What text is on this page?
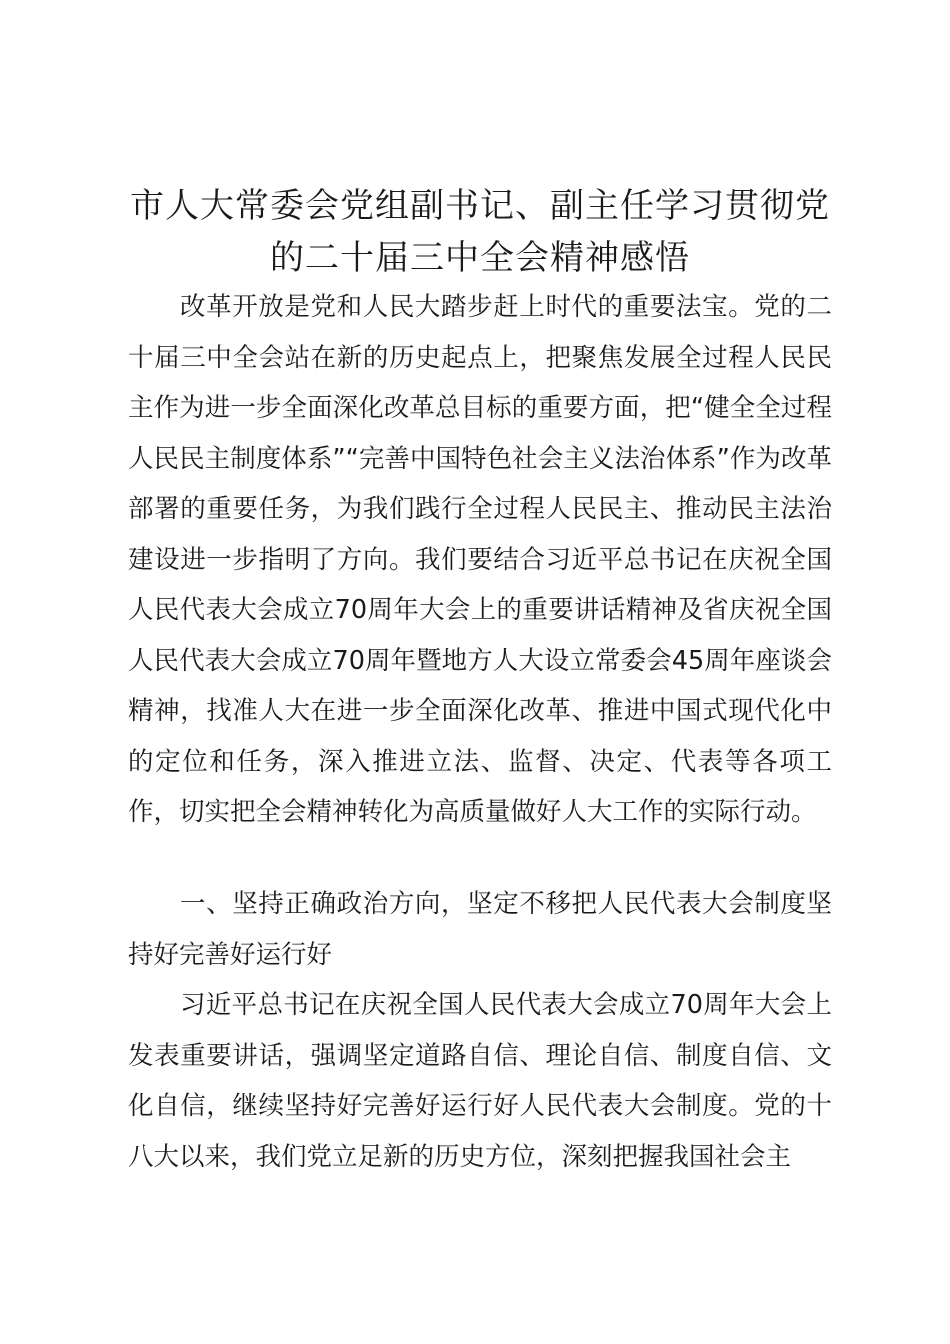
市人大常委会党组副书记、副主任学习贯彻党的二十届三中全会精神感悟

改革开放是党和人民大踏步赶上时代的重要法宝。党的二十届三中全会站在新的历史起点上，把聚焦发展全过程人民民主作为进一步全面深化改革总目标的重要方面，把“健全全过程人民民主制度体系”“完善中国特色社会主义法治体系”作为改革部署的重要任务，为我们践行全过程人民民主、推动民主法治建设进一步指明了方向。我们要结合习近平总书记在庆祝全国人民代表大会成立70周年大会上的重要讲话精神及省庆祝全国人民代表大会成立70周年暨地方人大设立常委会45周年座谈会精神，找准人大在进一步全面深化改革、推进中国式现代化中的定位和任务，深入推进立法、监督、决定、代表等各项工作，切实把全会精神转化为高质量做好人大工作的实际行动。

一、坚持正确政治方向，坚定不移把人民代表大会制度坚持好完善好运行好

习近平总书记在庆祝全国人民代表大会成立70周年大会上发表重要讲话，强调坚定道路自信、理论自信、制度自信、文化自信，继续坚持好完善好运行好人民代表大会制度。党的十八大以来，我们党立足新的历史方位，深刻把握我国社会主
